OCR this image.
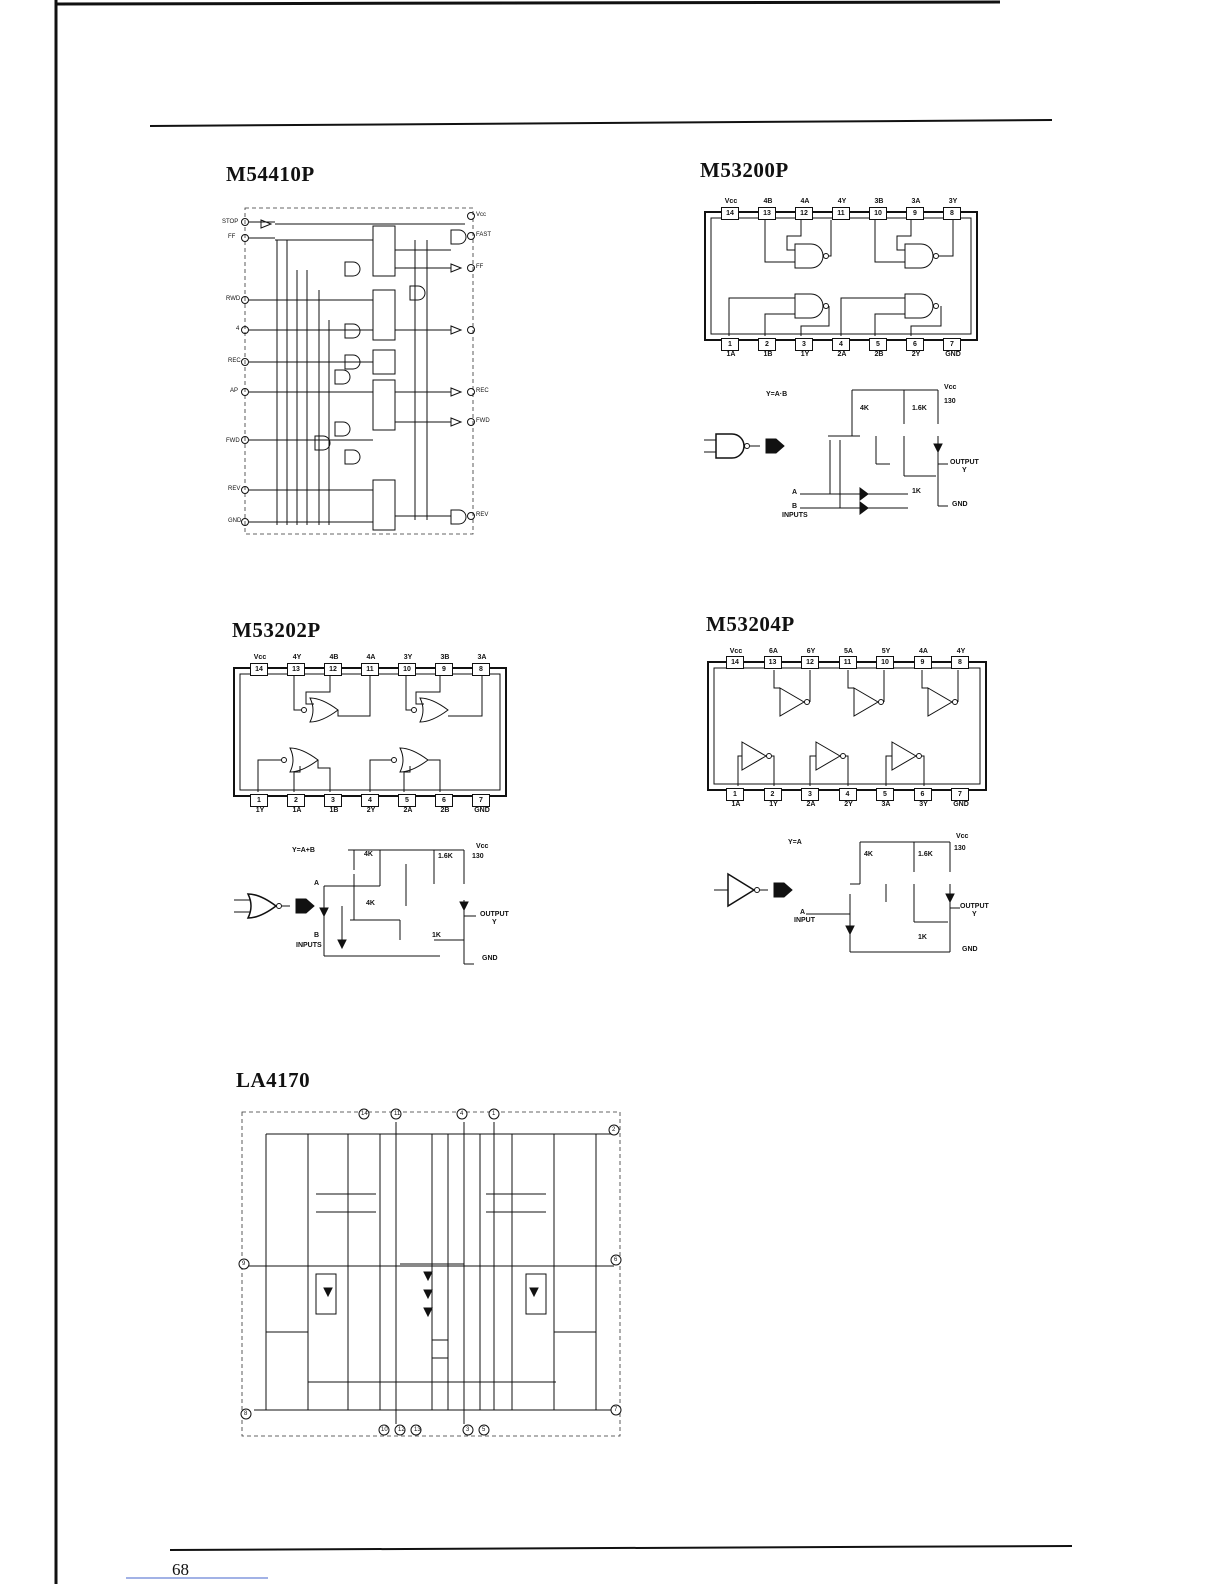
M54410P
STOP
FF
RWD
4
REC
AP
FWD
REV
GND
Vcc
FAST
FF
REC
FWD
REV
M53200P
Y=A·B
Vcc
4K	1.6K
130
1K
A
B
INPUTS
OUTPUT
Y
GND
M53202P
Y=A+B
Vcc
4K
4K
1.6K	130
1K
A
B
INPUTS
OUTPUT
Y
GND
M53204P
Y=A
Vcc
4K	1.6K
130
1K
A
INPUT
OUTPUT
Y
GND
LA4170
14	11	4	1
2
6
7
9
8
10 12 13	3 5
68
Vcc	4B	4A	4Y	3B	3A	3Y
14	13	12	11	10	9	8
1	2	3	4	5	6	7
1A	1B	1Y	2A	2B	2Y	GND
Vcc	4Y	4B	4A	3Y	3B	3A
14	13	12	11	10	9	8
1	2	3	4	5	6	7
1Y	1A	1B	2Y	2A	2B	GND
Vcc	6A	6Y	5A	5Y	4A	4Y
14	13	12	11	10	9	8
1	2	3	4	5	6	7
1A	1Y	2A	2Y	3A	3Y	GND
